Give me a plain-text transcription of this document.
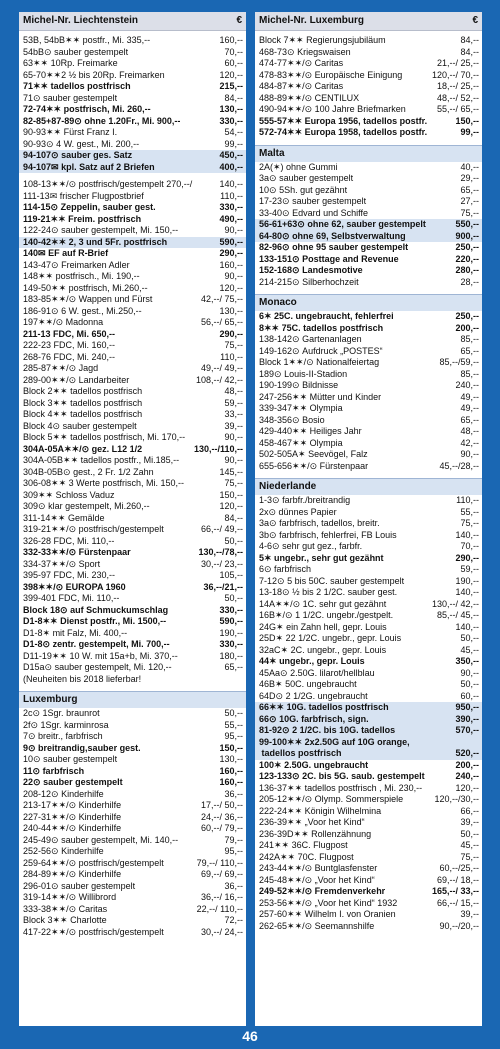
Michel-Nr. Liechtenstein	€
53B, 54bB✶✶ postfr., Mi. 335,--	160,--
54bB⊙ sauber gestempelt	70,--
63✶✶ 10Rp. Freimarke	60,--
65-70✶✶2 ½ bis 20Rp. Freimarken	120,--
71✶✶ tadellos postfrisch	215,--
71⊙ sauber gestempelt	84,--
72-74✶✶ postfrisch, Mi. 260,--	130,--
82-85+87-89⊙ ohne 1.20Fr., Mi. 900,--	330,--
90-93✶✶ Fürst Franz I.	54,--
90-93⊙ 4 W. gest., Mi. 200,--	99,--
94-107⊙ sauber ges. Satz	450,--
94-107✉ kpl. Satz auf 2 Briefen	400,--
108-13✶✶/⊙ postfrisch/gestempelt 270,--/	140,--
111-13✉ frischer Flugpostbrief	110,--
114-15⊙ Zeppelin, sauber gest.	330,--
119-21✶✶ Freim. postfrisch	490,--
122-24⊙ sauber gestempelt, Mi. 150,--	90,--
140-42✶✶ 2, 3 und 5Fr. postfrisch	590,--
140✉ EF auf R-Brief	290,--
143-47⊙ Freimarken Adler	160,--
148✶✶ postfrisch., Mi. 190,--	90,--
149-50✶✶ postfrisch, Mi.260,--	120,--
183-85✶✶/⊙ Wappen und Fürst	42,--/ 75,--
186-91⊙ 6 W. gest., Mi.250,--	130,--
197✶✶/⊙ Madonna	56,--/ 65,--
211-13 FDC, Mi. 650,--	290,--
222-23 FDC, Mi. 160,--	75,--
268-76 FDC, Mi. 240,--	110,--
285-87✶✶/⊙ Jagd	49,--/ 49,--
289-00✶✶/⊙ Landarbeiter	108,--/ 42,--
Block 2✶✶ tadellos postfrisch	48,--
Block 3✶✶ tadellos postfrisch	59,--
Block 4✶✶ tadellos postfrisch	33,--
Block 4⊙ sauber gestempelt	39,--
Block 5✶✶ tadellos postfrisch, Mi. 170,--	90,--
304A-05A✶✶/⊙ gez. L12 1/2	130,--/110,--
304A-05B✶✶ tadellos postfr., Mi.185,--	90,--
304B-05B⊙ gest., 2 Fr. 1/2 Zahn	145,--
306-08✶✶ 3 Werte postfrisch, Mi. 150,--	75,--
309✶✶ Schloss Vaduz	150,--
309⊙ klar gestempelt, Mi.260,--	120,--
311-14✶✶ Gemälde	84,--
319-21✶✶/⊙ postfrisch/gestempelt	66,--/ 49,--
326-28 FDC, Mi. 110,--	50,--
332-33✶✶/⊙ Fürstenpaar	130,--/78,--
334-37✶✶/⊙ Sport	30,--/ 23,--
395-97 FDC, Mi. 230,--	105,--
398✶✶/⊙ EUROPA 1960	36,--/21,--
399-401 FDC, Mi. 110,--	50,--
Block 18⊙ auf Schmuckumschlag	330,--
D1-8✶✶ Dienst postfr., Mi. 1500,--	590,--
D1-8✶ mit Falz, Mi. 400,--	190,--
D1-8⊙ zentr. gestempelt, Mi. 700,--	330,--
D11-19✶✶ 10 W. mit 15a+b, Mi. 370,--	180,--
D15a⊙ sauber gestempelt, Mi. 120,--	65,--
(Neuheiten bis 2018 lieferbar!
Luxemburg
2c⊙ 1Sgr. braunrot	50,--
2f⊙ 1Sgr. karminrosa	55,--
7⊙ breitr., farbfrisch	95,--
9⊙ breitrandig,sauber gest.	150,--
10⊙ sauber gestempelt	130,--
11⊙ farbfrisch	160,--
22⊙ sauber gestempelt	160,--
208-12⊙ Kinderhilfe	36,--
213-17✶✶/⊙ Kinderhilfe	17,--/ 50,--
227-31✶✶/⊙ Kinderhilfe	24,--/ 36,--
240-44✶✶/⊙ Kinderhilfe	60,--/ 79,--
245-49⊙ sauber gestempelt, Mi. 140,--	79,--
252-56⊙ Kinderhilfe	95,--
259-64✶✶/⊙ postfrisch/gestempelt	79,--/ 110,--
284-89✶✶/⊙ Kinderhilfe	69,--/ 69,--
296-01⊙ sauber gestempelt	36,--
319-14✶✶/⊙ Willibrord	36,--/ 16,--
333-38✶✶/⊙ Caritas	22,--/ 110,--
Block 3✶✶ Charlotte	72,--
417-22✶✶/⊙ postfrisch/gestempelt	30,--/ 24,--
Michel-Nr. Luxemburg	€
Block 7✶✶ Regierungsjubiläum	84,--
468-73⊙ Kriegswaisen	84,--
474-77✶✶/⊙ Caritas	21,--/ 25,--
478-83✶✶/⊙ Europäische Einigung	120,--/ 70,--
484-87✶✶/⊙ Caritas	18,--/ 25,--
488-89✶✶/⊙ CENTILUX	48,--/ 52,--
490-94✶✶/⊙ 100 Jahre Briefmarken	55,--/ 65,--
555-57✶✶ Europa 1956, tadellos postfr.	150,--
572-74✶✶ Europa 1958, tadellos postfr.	99,--
Malta
2A(✶) ohne Gummi	40,--
3a⊙ sauber gestempelt	29,--
10⊙ 5Sh. gut gezähnt	65,--
17-23⊙ sauber gestempelt	27,--
33-40⊙ Edvard und Schiffe	75,--
56-61+63⊙ ohne 62, sauber gestempelt	550,--
64-80⊙ ohne 69, Selbstverwaltung	900,--
82-96⊙ ohne 95 sauber gestempelt	250,--
133-151⊙ Posttage and Revenue	220,--
152-168⊙ Landesmotive	280,--
214-215⊙ Silberhochzeit	28,--
Monaco
6✶ 25C. ungebraucht, fehlerfrei	250,--
8✶✶ 75C. tadellos postfrisch	200,--
138-142⊙ Gartenanlagen	85,--
149-162⊙ Aufdruck „POSTES“	65,--
Block 1✶✶/⊙ Nationalfeiertag	85,--/59,--
189⊙ Louis-II-Stadion	85,--
190-199⊙ Bildnisse	240,--
247-256✶✶ Mütter und Kinder	49,--
339-347✶✶ Olympia	49,--
348-356⊙ Bosio	65,--
429-440✶✶ Heiliges Jahr	48,--
458-467✶✶ Olympia	42,--
502-505A✶ Seevögel, Falz	90,--
655-656✶✶/⊙ Fürstenpaar	45,--/28,--
Niederlande
1-3⊙ farbfr./breitrandig	110,--
2x⊙ dünnes Papier	55,--
3a⊙ farbfrisch, tadellos, breitr.	75,--
3b⊙ farbfrisch, fehlerfrei, FB Louis	140,--
4-6⊙ sehr gut gez., farbfr.	70,--
5✶ ungebr., sehr gut gezähnt	290,--
6⊙ farbfrisch	59,--
7-12⊙ 5 bis 50C. sauber gestempelt	190,--
13-18⊙ ½ bis 2 1/2C. sauber gest.	140,--
14A✶✶/⊙ 1C. sehr gut gezähnt	130,--/ 42,--
16B✶/⊙ 1 1/2C. ungebr./gestpelt.	85,--/ 45,--
24G✶ ein Zahn hell, gepr. Louis	140,--
25D✶ 22 1/2C. ungebr., gepr. Louis	50,--
32aC✶ 2C. ungebr., gepr. Louis	45,--
44✶ ungebr., gepr. Louis	350,--
45Aa⊙ 2.50G. lilarot/hellblau	90,--
46B✶ 50C. ungebraucht	50,--
64D⊙ 2 1/2G. ungebraucht	60,--
66✶✶ 10G. tadellos postfrisch	950,--
66⊙ 10G. farbfrisch, sign.	390,--
81-92⊙ 2 1/2C. bis 10G. tadellos	570,--
99-100✶✶ 2x2.50G auf 10G orange,
tadellos postfrisch	520,--
100✶ 2.50G. ungebraucht	200,--
123-133⊙ 2C. bis 5G. saub. gestempelt	240,--
136-37✶✶ tadellos postfrisch , Mi. 230,--	120,--
205-12✶✶/⊙ Olymp. Sommerspiele	120,--/30,--
222-24✶✶ Königin Wilhelmina	66,--
236-39✶✶ „Voor het Kind“	39,--
236-39D✶✶ Rollenzähnung	50,--
241✶✶ 36C. Flugpost	45,--
242A✶✶ 70C. Flugpost	75,--
243-44✶✶/⊙ Buntglasfenster	60,--/25,--
245-48✶✶/⊙ „Voor het Kind“	69,--/ 18,--
249-52✶✶/⊙ Fremdenverkehr	165,--/ 33,--
253-56✶✶/⊙ „Voor het Kind“ 1932	66,--/ 15,--
257-60✶✶ Wilhelm I. von Oranien	39,--
262-65✶✶/⊙ Seemannshilfe	90,--/20,--
46
